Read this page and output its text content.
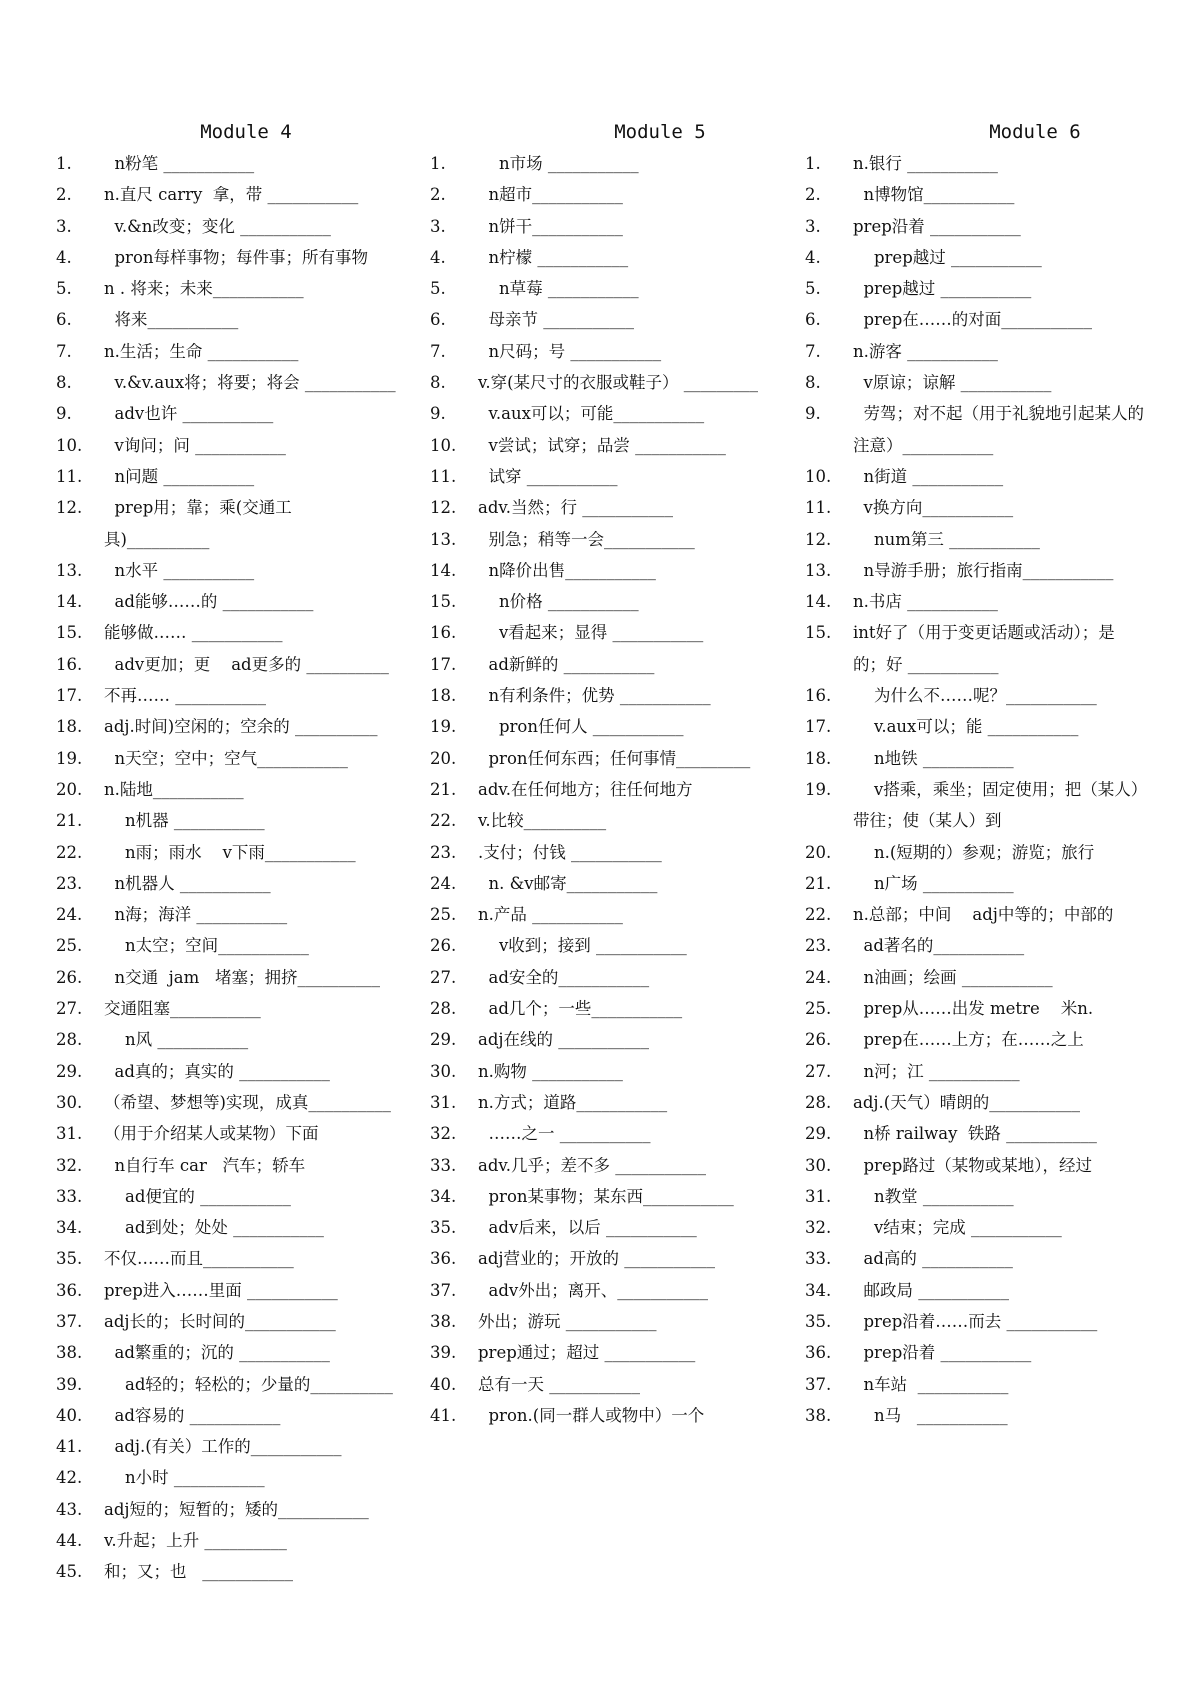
Module 4
1.	n粉笔 ___________
2.	n.直尺 carry  拿，带 ___________
3.	v.&n改变；变化 ___________
4.	pron每样事物；每件事；所有事物
5.	n . 将来；未来___________
6.	将来___________
7.	n.生活；生命 ___________
8.	v.&v.aux将；将要；将会 ___________
9.	adv也许 ___________
10.	v询问；问 ___________
11.	n问题 ___________
12.	prep用；靠；乘(交通工具)__________
13.	n水平 ___________
14.	ad能够……的 ___________
15.	能够做…… ___________
16.	adv更加；更    ad更多的 __________
17.	不再…… ___________
18.	adj.时间)空闲的；空余的 __________
19.	n天空；空中；空气___________
20.	n.陆地___________
21.	n机器 ___________
22.	n雨；雨水    v下雨___________
23.	n机器人 ___________
24.	n海；海洋 ___________
25.	n太空；空间___________
26.	n交通  jam   堵塞；拥挤__________
27.	交通阻塞___________
28.	n风 ___________
29.	ad真的；真实的 ___________
30.	（希望、梦想等)实现，成真__________
31.	（用于介绍某人或某物）下面
32.	n自行车 car   汽车；轿车
33.	ad便宜的 ___________
34.	ad到处；处处 ___________
35.	不仅……而且___________
36.	prep进入……里面 ___________
37.	adj长的；长时间的___________
38.	ad繁重的；沉的 ___________
39.	ad轻的；轻松的；少量的__________
40.	ad容易的 ___________
41.	adj.(有关）工作的___________
42.	n小时 ___________
43.	adj短的；短暂的；矮的___________
44.	v.升起；上升 __________
45.	和；又；也   ___________
Module 5
1.	n市场 ___________
2.	n超市___________
3.	n饼干___________
4.	n柠檬 ___________
5.	n草莓 ___________
6.	母亲节 ___________
7.	n尺码；号 ___________
8.	v.穿(某尺寸的衣服或鞋子） _________
9.	v.aux可以；可能___________
10.	v尝试；试穿；品尝 ___________
11.	试穿 ___________
12.	adv.当然；行 ___________
13.	别急；稍等一会___________
14.	n降价出售___________
15.	n价格 ___________
16.	v看起来；显得 ___________
17.	ad新鲜的 ___________
18.	n有利条件；优势 ___________
19.	pron任何人 ___________
20.	pron任何东西；任何事情_________
21.	adv.在任何地方；往任何地方
22.	v.比较__________
23.	.支付；付钱 ___________
24.	n. &v邮寄___________
25.	n.产品 ___________
26.	v收到；接到 ___________
27.	ad安全的___________
28.	ad几个；一些___________
29.	adj在线的 ___________
30.	n.购物 ___________
31.	n.方式；道路___________
32.	……之一 ___________
33.	adv.几乎；差不多 ___________
34.	pron某事物；某东西___________
35.	adv后来，以后 ___________
36.	adj营业的；开放的 ___________
37.	adv外出；离开、___________
38.	外出；游玩 ___________
39.	prep通过；超过 ___________
40.	总有一天 ___________
41.	pron.(同一群人或物中）一个
Module 6
1.	n.银行 ___________
2.	n博物馆___________
3.	prep沿着 ___________
4.	prep越过 ___________
5.	prep越过 ___________
6.	prep在……的对面___________
7.	n.游客 ___________
8.	v原谅；谅解 ___________
9.	劳驾；对不起（用于礼貌地引起某人的注意）___________
10.	n街道 ___________
11.	v换方向___________
12.	num第三 ___________
13.	n导游手册；旅行指南___________
14.	n.书店 ___________
15.	int好了（用于变更话题或活动）；是的；好 ___________
16.	为什么不……呢？___________
17.	v.aux可以；能 ___________
18.	n地铁 ___________
19.	v搭乘，乘坐；固定使用；把（某人）带往；使（某人）到
20.	n.(短期的）参观；游览；旅行
21.	n广场 ___________
22.	n.总部；中间    adj中等的；中部的
23.	ad著名的___________
24.	n油画；绘画 ___________
25.	prep从……出发 metre    米n.
26.	prep在……上方；在……之上
27.	n河；江 ___________
28.	adj.(天气）晴朗的___________
29.	n桥 railway  铁路 ___________
30.	prep路过（某物或某地），经过
31.	n教堂 ___________
32.	v结束；完成 ___________
33.	ad高的 ___________
34.	邮政局 ___________
35.	prep沿着……而去 ___________
36.	prep沿着 ___________
37.	n车站  ___________
38.	n马   ___________
